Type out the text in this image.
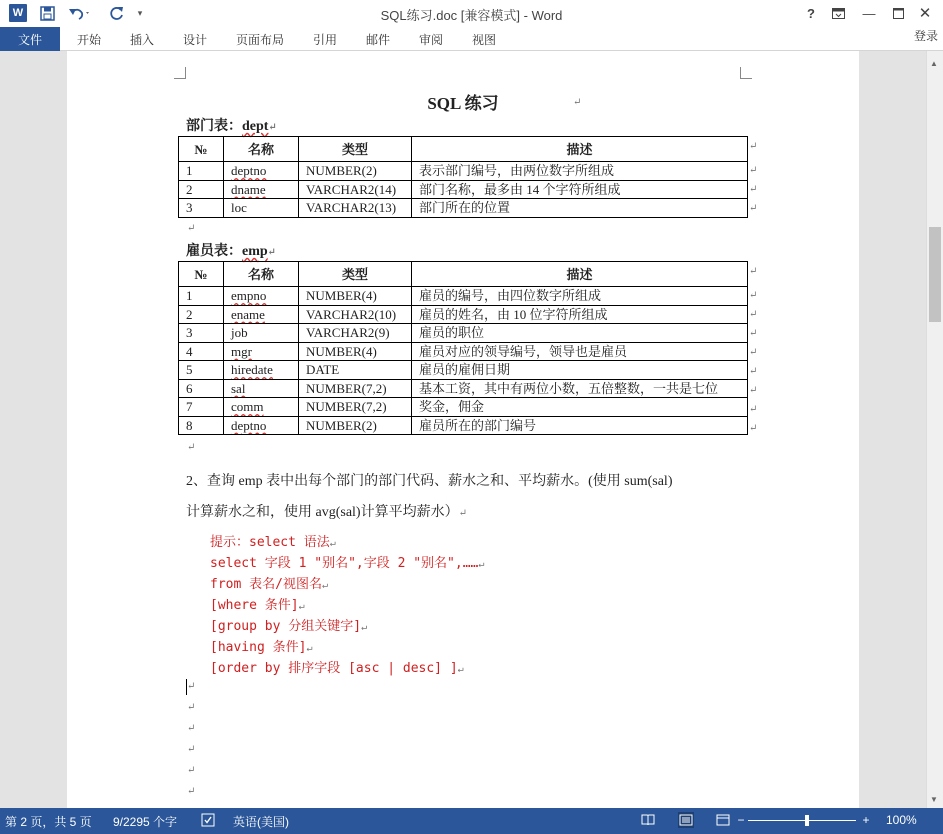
W	▾	SQL练习.doc [兼容模式] - Word	?	—	✕
文件	开始 插入 设计 页面布局 引用 邮件 审阅 视图	登录
SQL 练习	↵
部门表：dept↵
№	名称	类型	描述
1	deptno	NUMBER(2)	表示部门编号，由两位数字所组成
2	dname	VARCHAR2(14)	部门名称，最多由 14 个字符所组成
3	loc	VARCHAR2(13)	部门所在的位置
↵
↵
↵
↵
↵
雇员表：emp↵
№	名称	类型	描述
1	empno	NUMBER(4)	雇员的编号，由四位数字所组成
2	ename	VARCHAR2(10)	雇员的姓名，由 10 位字符所组成
3	job	VARCHAR2(9)	雇员的职位
4	mgr	NUMBER(4)	雇员对应的领导编号，领导也是雇员
5	hiredate	DATE	雇员的雇佣日期
6	sal	NUMBER(7,2)	基本工资，其中有两位小数，五倍整数，一共是七位
7	comm	NUMBER(7,2)	奖金，佣金
8	deptno	NUMBER(2)	雇员所在的部门编号
↵
↵
↵
↵
↵
↵
↵
↵
↵
↵
2、查询 emp 表中出每个部门的部门代码、薪水之和、平均薪水。(使用 sum(sal)
计算薪水之和，使用 avg(sal)计算平均薪水）↵
提示：select 语法↵
select 字段 1 "别名",字段 2 "别名",……↵
from 表名/视图名↵
[where 条件]↵
[group by 分组关键字]↵
[having 条件]↵
[order by 排序字段 [asc | desc] ]↵
↵
↵
↵
↵
↵
↵
▲
▼
第 2 页，共 5 页 9/2295 个字	英语(美国)	−	+ 100%
